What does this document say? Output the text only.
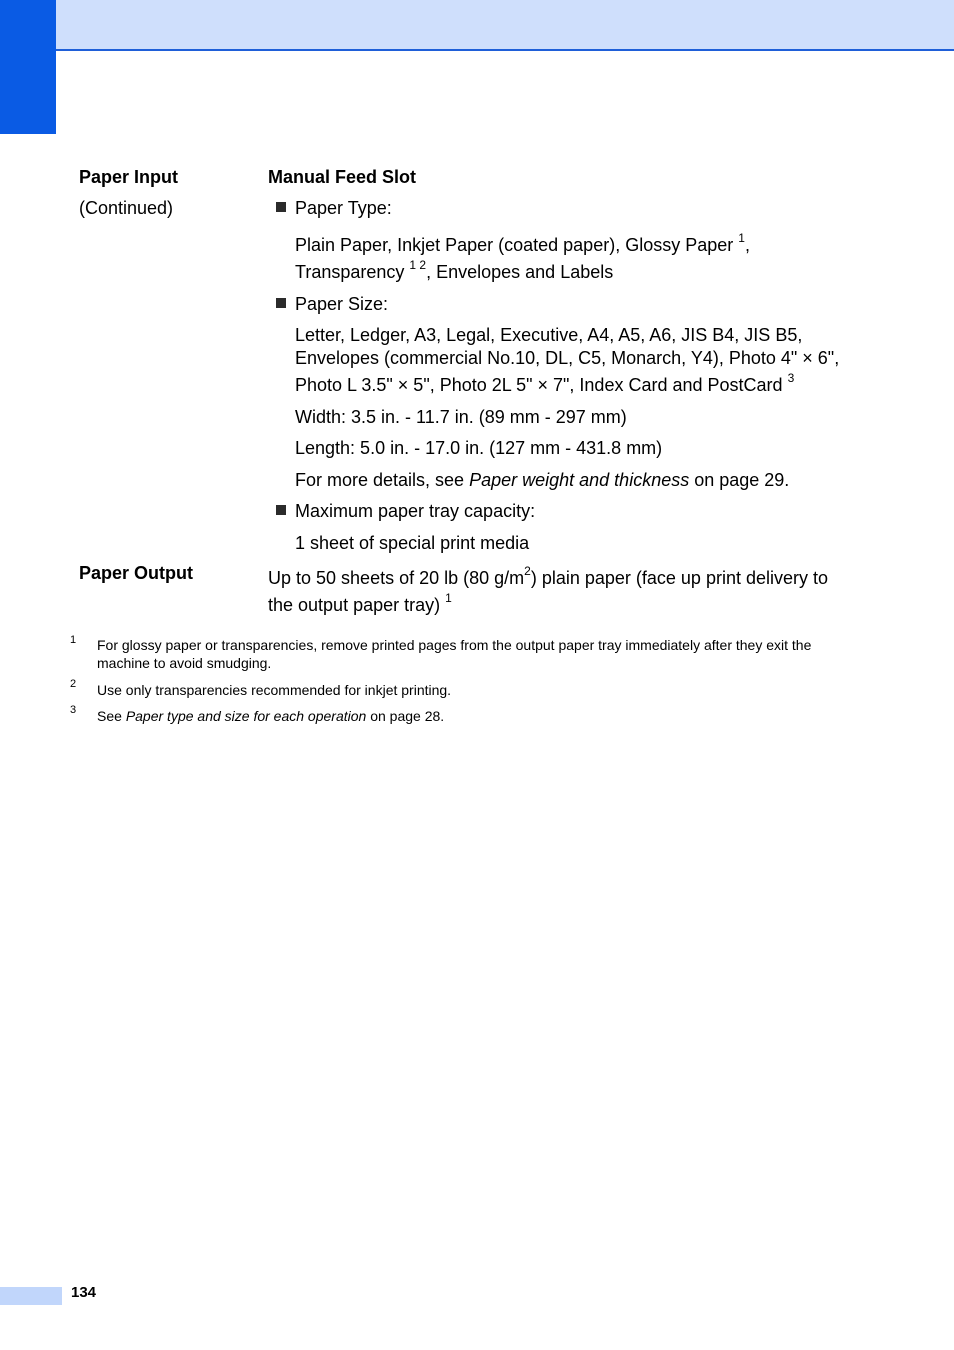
Paper Input

(Continued)

Manual Feed Slot

Paper Type:

Plain Paper, Inkjet Paper (coated paper), Glossy Paper $^1$,

Transparency $^{1 2}$, Envelopes and Labels

Paper Size:

Letter, Ledger, A3, Legal, Executive, A4, A5, A6, JIS B4, JIS B5,

Envelopes (commercial No.10, DL, C5, Monarch, Y4), Photo 4" × 6",

Photo L 3.5" × 5", Photo 2L 5" × 7", Index Card and PostCard $^3$

Width: 3.5 in. - 11.7 in. (89 mm - 297 mm)

Length: 5.0 in. - 17.0 in. (127 mm - 431.8 mm)

For more details, see Paper weight and thickness on page 29.

Maximum paper tray capacity:

1 sheet of special print media

Paper Output	Up to 50 sheets of 20 lb (80 $g/m^2$) plain paper (face up print delivery to

the output paper tray) $^1$

1 For glossy paper or transparencies, remove printed pages from the output paper tray immediately after they exit the

machine to avoid smudging.

2 Use only transparencies recommended for inkjet printing.

3 See Paper type and size for each operation on page 28.

134
